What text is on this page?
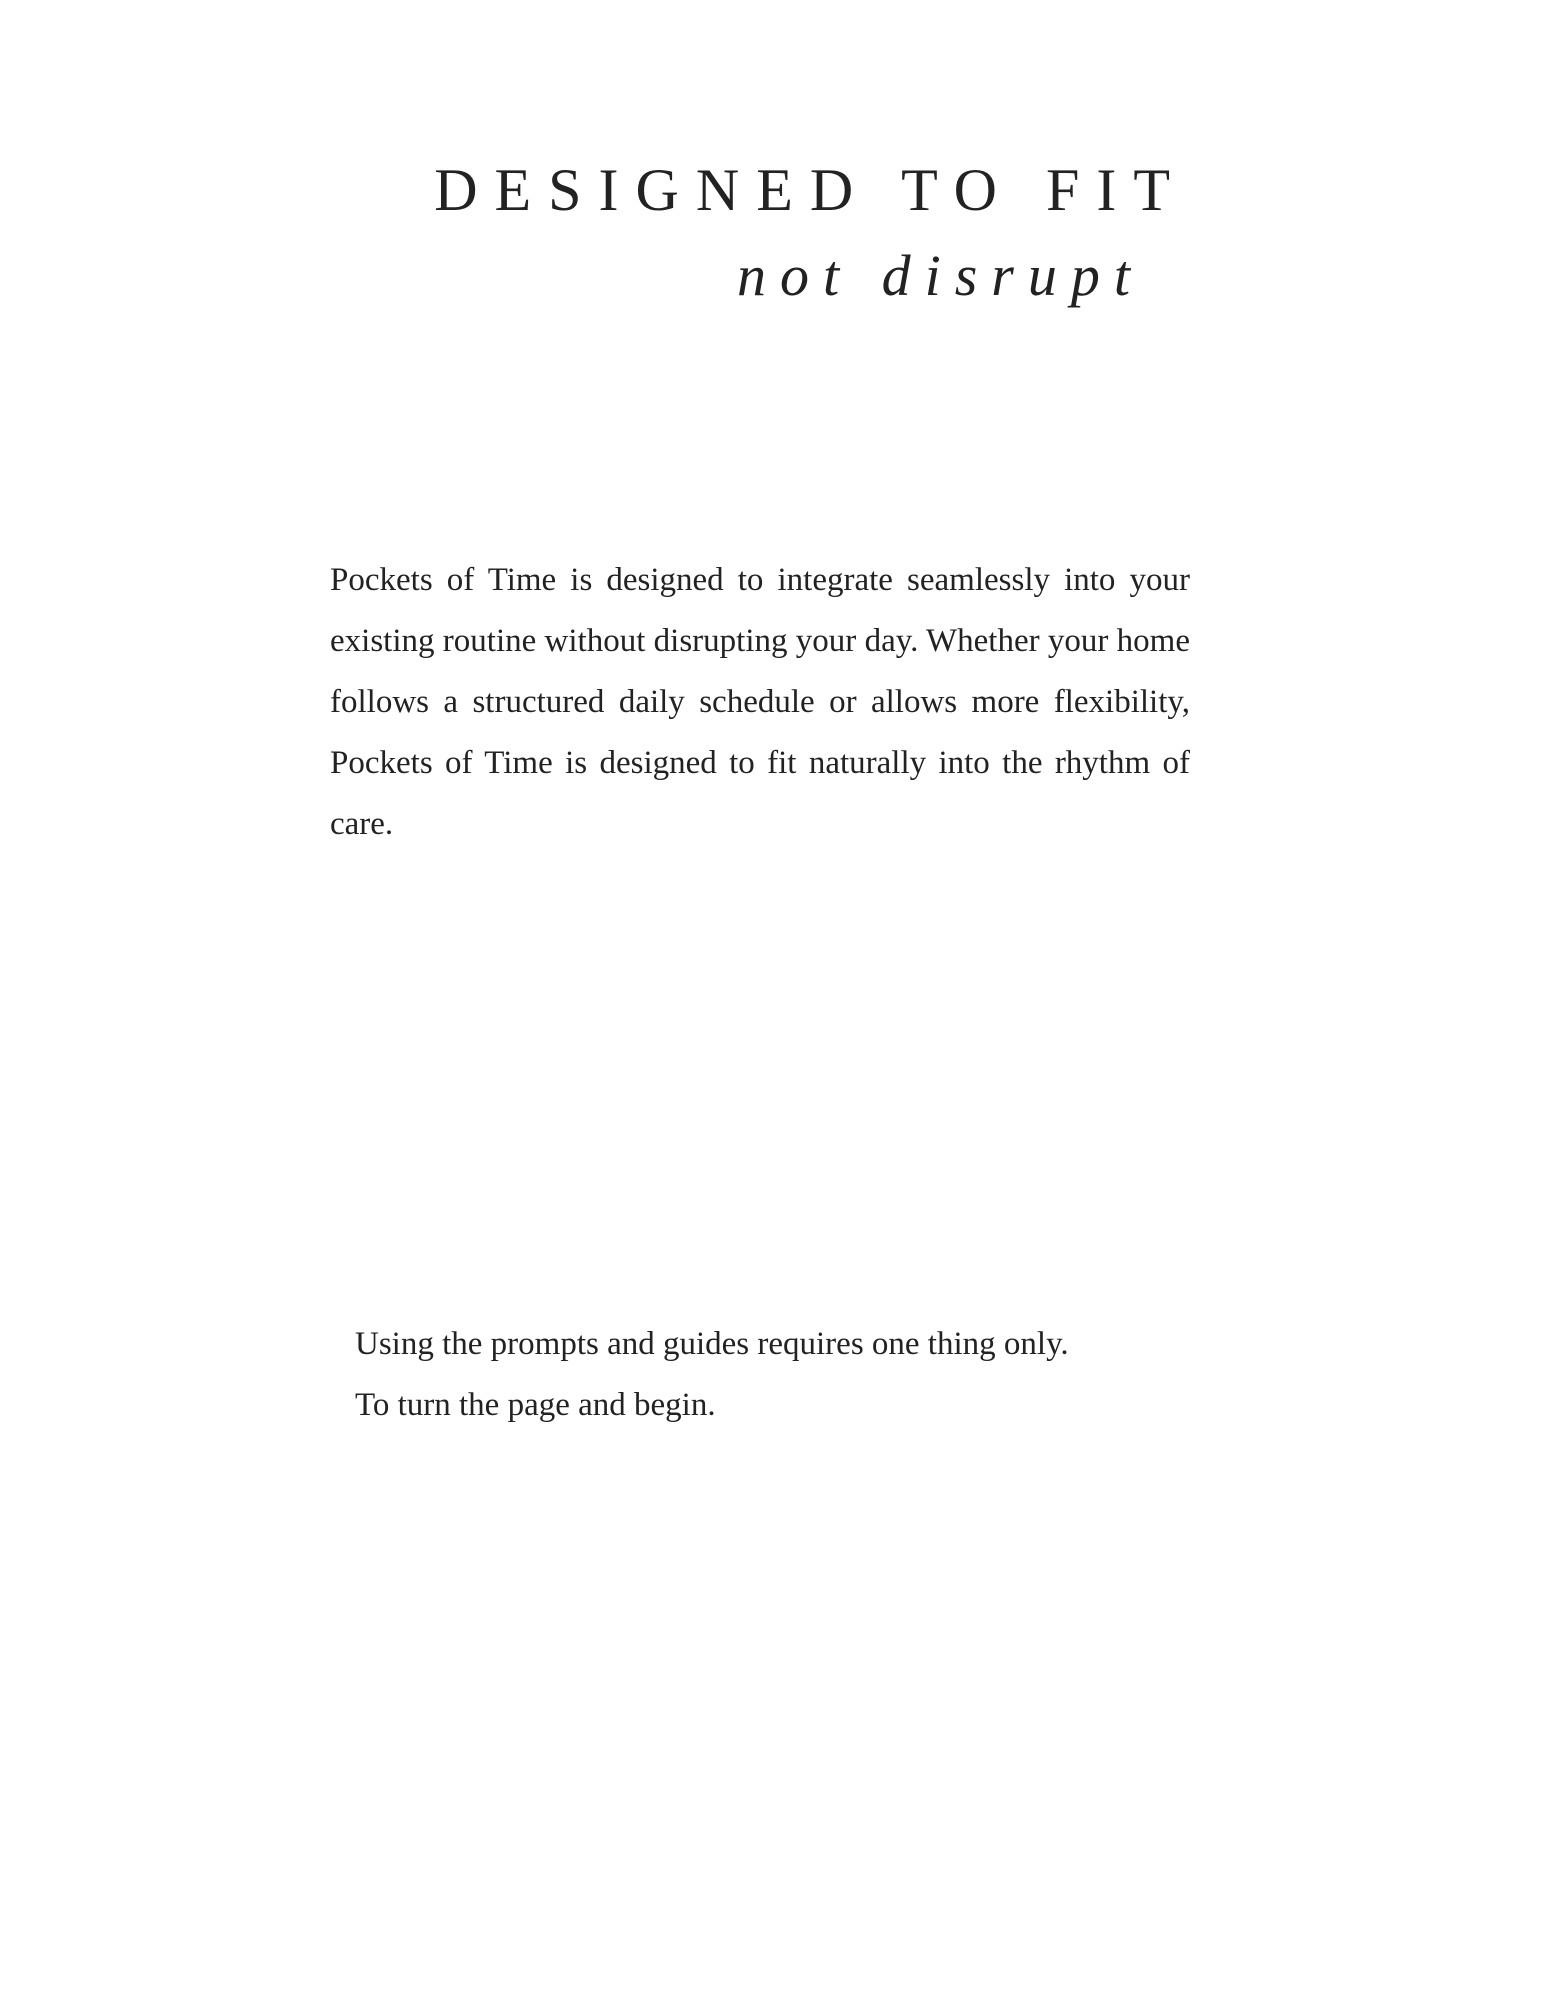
DESIGNED TO FIT
not disrupt

Pockets of Time is designed to integrate seamlessly into your existing routine without disrupting your day. Whether your home follows a structured daily schedule or allows more flexibility, Pockets of Time is designed to fit naturally into the rhythm of care.

Using the prompts and guides requires one thing only.
To turn the page and begin.
